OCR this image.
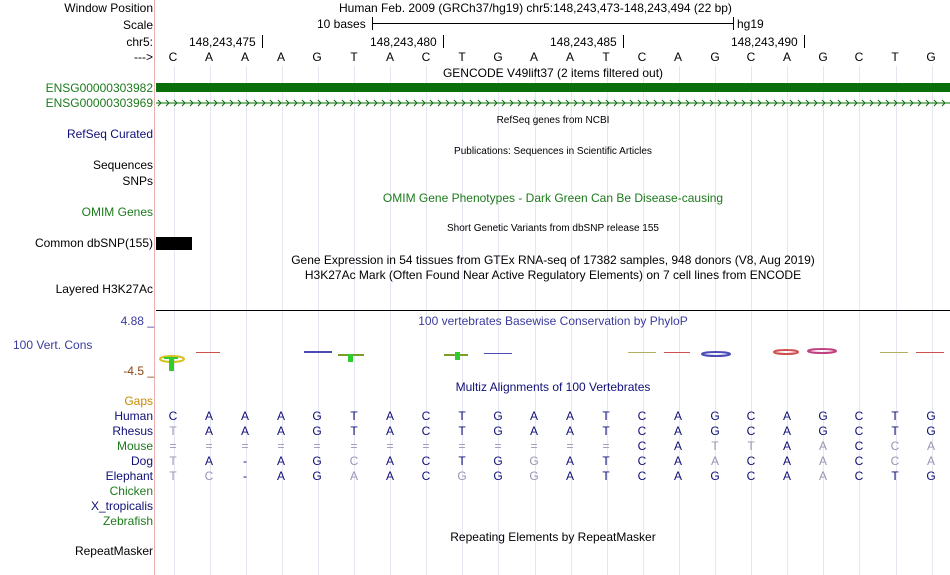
Window Position	Human Feb. 2009 (GRCh37/hg19) chr5:148,243,473-148,243,494 (22 bp)
Scale	10 bases	hg19
chr5:	148,243,475	148,243,480	148,243,485	148,243,490
---> C A A A G T A C T G A A T C A G C A G C T G
GENCODE V49lift37 (2 items filtered out)
ENSG00000303982
ENSG00000303969
RefSeq genes from NCBI
RefSeq Curated
Publications: Sequences in Scientific Articles
Sequences
SNPs
OMIM Gene Phenotypes - Dark Green Can Be Disease-causing
OMIM Genes
Short Genetic Variants from dbSNP release 155
Common dbSNP(155)
Gene Expression in 54 tissues from GTEx RNA-seq of 17382 samples, 948 donors (V8, Aug 2019)
H3K27Ac Mark (Often Found Near Active Regulatory Elements) on 7 cell lines from ENCODE
Layered H3K27Ac
100 vertebrates Basewise Conservation by PhyloP
4.88 _
100 Vert. Cons
-4.5 _
Multiz Alignments of 100 Vertebrates
Gaps
Human C A A A G T A C T G A A T C A G C A G C T G
Rhesus T A A A G T A C T G A A T C A G C A G C T G
Mouse = = = = = = = = = = = = = C A T T A A C C A
Dog T A	-	A G C A C T G G A T C A A C A A C C A
Elephant T C	-	A G A A C G G G A T C A G C A A C T G
Chicken
X_tropicalis
Zebrafish
Repeating Elements by RepeatMasker
RepeatMasker
